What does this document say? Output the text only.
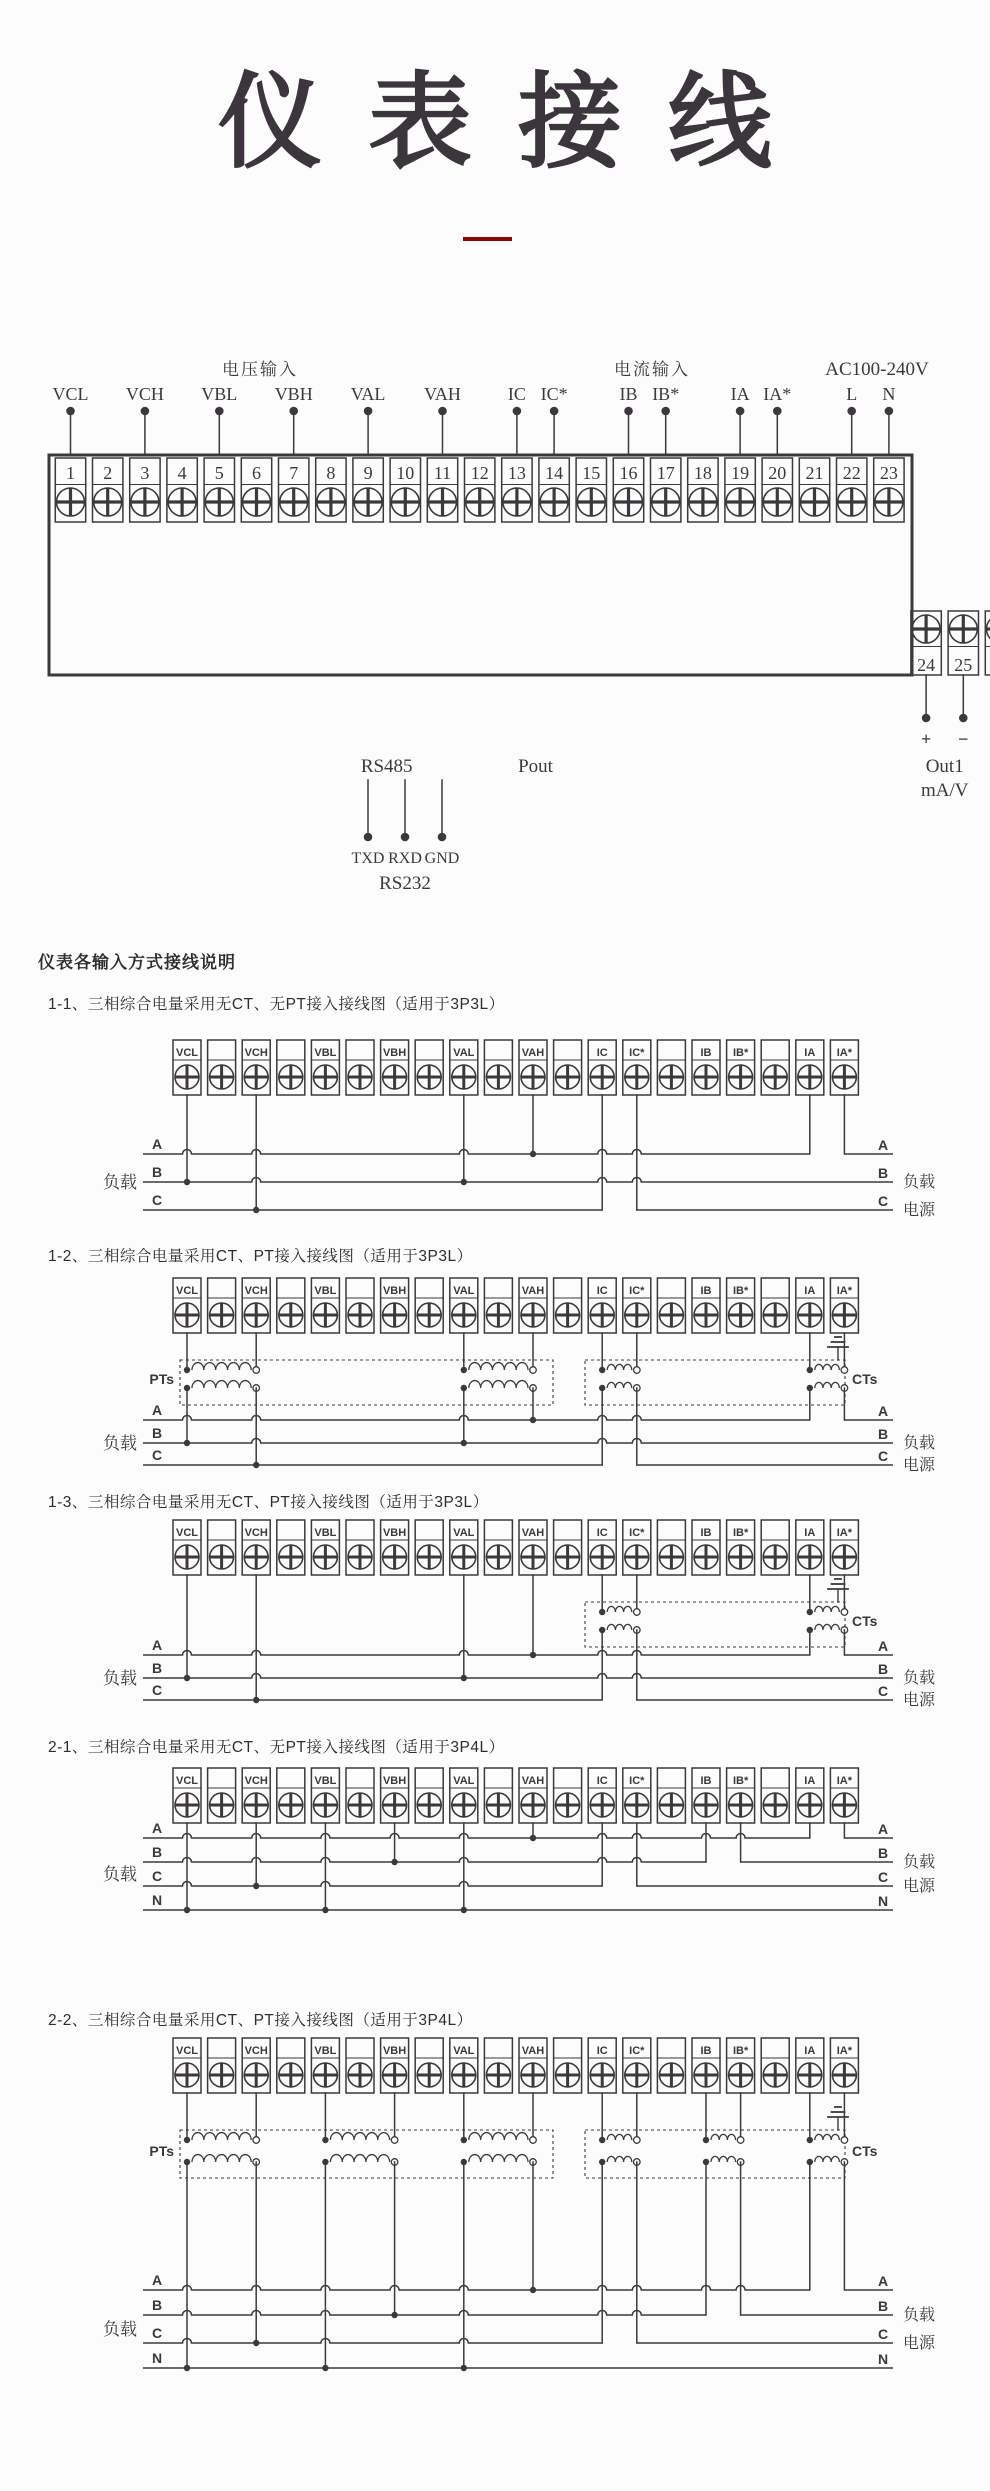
仪表接线
电压输入	电流输入	AC100-240V
VCL VCH VBL VBH VAL VAH	IC IC*	IB IB*	IA IA*	L N
1 2 3 4 5 6 7 8 9 10 11 12 13 14 15 16 17 18 19 20 21 22 23
24 25
+ −
Out1
mA/V
RS485
TXD RXD GND
RS232
Pout
仪表各输入方式接线说明
1-1、三相综合电量采用无CT、无PT接入接线图（适用于3P3L）
VCL	VCH	VBL	VBH	VAL	VAH	IC IC*	IB IB*	IA IA*
A	A
B	B
C	C
负载	负载
电源
1-2、三相综合电量采用CT、PT接入接线图（适用于3P3L）
VCL	VCH	VBL	VBH	VAL	VAH	IC IC*	IB IB*	IA IA*
PTs	CTs
A	A
B	B
C	C
负载	负载
电源
1-3、三相综合电量采用无CT、PT接入接线图（适用于3P3L）
VCL	VCH	VBL	VBH	VAL	VAH	IC IC*	IB IB*	IA IA*
CTs
A	A
B	B
C	C
负载	负载
电源
2-1、三相综合电量采用无CT、无PT接入接线图（适用于3P4L）
VCL	VCH	VBL	VBH	VAL	VAH	IC IC*	IB IB*	IA IA*
A	A
B	B
C	C
N	N
负载
负载
电源
2-2、三相综合电量采用CT、PT接入接线图（适用于3P4L）
VCL	VCH	VBL	VBH	VAL	VAH	IC IC*	IB IB*	IA IA*
PTs	CTs
A	A
B	B
C	C
N	N
负载
负载
电源
